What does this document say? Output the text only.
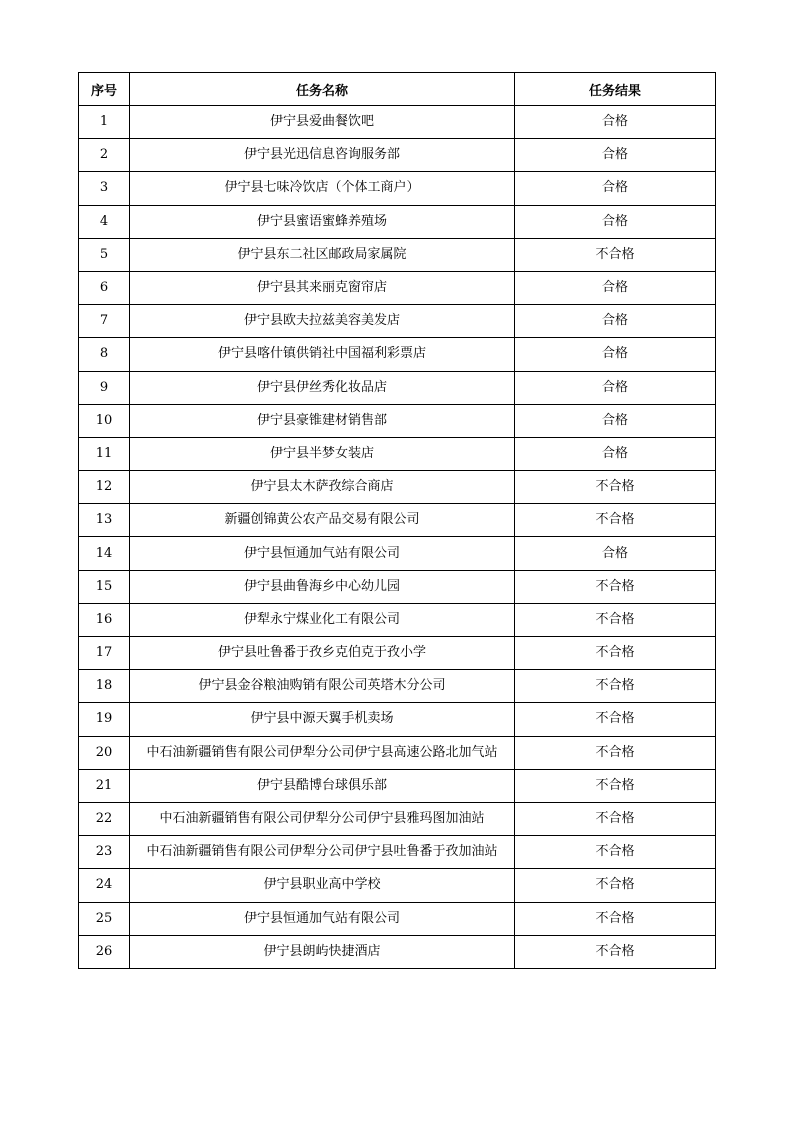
序号	任务名称	任务结果
1	伊宁县爱曲餐饮吧	合格
2	伊宁县光迅信息咨询服务部	合格
3	伊宁县七味冷饮店（个体工商户）	合格
4	伊宁县蜜语蜜蜂养殖场	合格
5	伊宁县东二社区邮政局家属院	不合格
6	伊宁县其来丽克窗帘店	合格
7	伊宁县欧夫拉兹美容美发店	合格
8	伊宁县喀什镇供销社中国福利彩票店	合格
9	伊宁县伊丝秀化妆品店	合格
10	伊宁县豪锥建材销售部	合格
11	伊宁县半梦女装店	合格
12	伊宁县太木萨孜综合商店	不合格
13	新疆创锦黄公农产品交易有限公司	不合格
14	伊宁县恒通加气站有限公司	合格
15	伊宁县曲鲁海乡中心幼儿园	不合格
16	伊犁永宁煤业化工有限公司	不合格
17	伊宁县吐鲁番于孜乡克伯克于孜小学	不合格
18	伊宁县金谷粮油购销有限公司英塔木分公司	不合格
19	伊宁县中源天翼手机卖场	不合格
20	中石油新疆销售有限公司伊犁分公司伊宁县高速公路北加气站	不合格
21	伊宁县酷博台球俱乐部	不合格
22	中石油新疆销售有限公司伊犁分公司伊宁县雅玛图加油站	不合格
23	中石油新疆销售有限公司伊犁分公司伊宁县吐鲁番于孜加油站	不合格
24	伊宁县职业高中学校	不合格
25	伊宁县恒通加气站有限公司	不合格
26	伊宁县朗屿快捷酒店	不合格
